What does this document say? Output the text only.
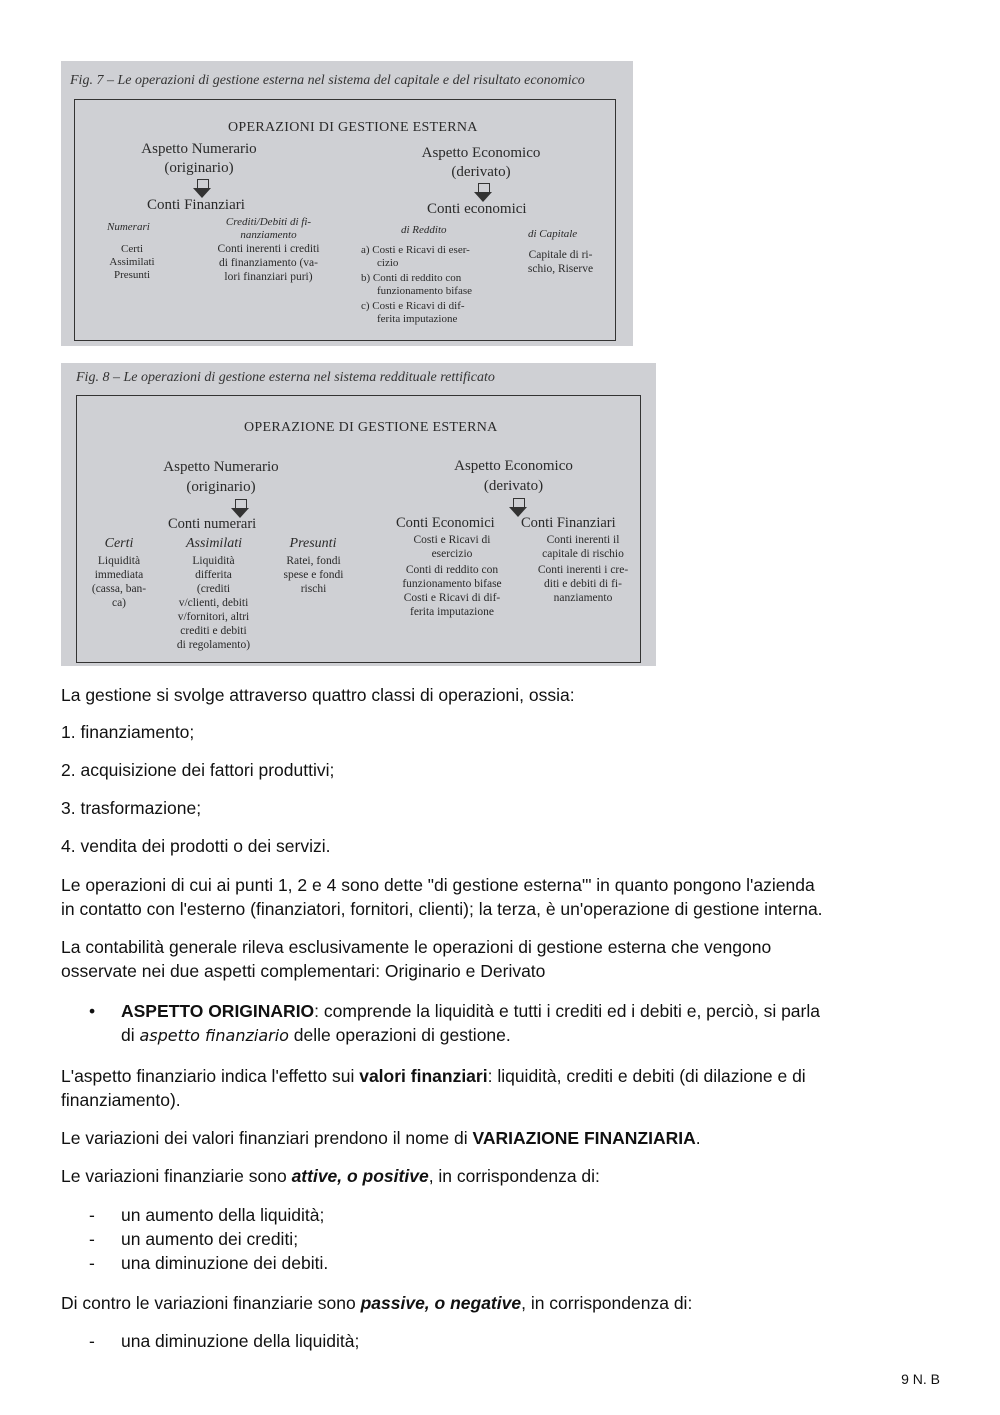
Fig. 7 – Le operazioni di gestione esterna nel sistema del capitale e del risultato economico
OPERAZIONI DI GESTIONE ESTERNA
Aspetto Numerario
(originario)
Aspetto Economico
(derivato)
Conti Finanziari	Conti economici
Numerari	Crediti/Debiti di fi-
nanziamento	di Reddito	di Capitale
Certi
Assimilati
Presunti
Conti inerenti i crediti
di finanziamento (va-
lori finanziari puri)
a) Costi e Ricavi di eser-
cizio
b) Conti di reddito con
funzionamento bifase
c) Costi e Ricavi di dif-
ferita imputazione
Capitale di ri-
schio, Riserve
Fig. 8 – Le operazioni di gestione esterna nel sistema reddituale rettificato
OPERAZIONE DI GESTIONE ESTERNA
Aspetto Numerario
(originario)
Aspetto Economico
(derivato)
Conti numerari	Conti Economici Conti Finanziari
Certi	Assimilati	Presunti
Liquidità
immediata
(cassa, ban-
ca)
Liquidità
differita
(crediti
v/clienti, debiti
v/fornitori, altri
crediti e debiti
di regolamento)
Ratei, fondi
spese e fondi
rischi
Costi e Ricavi di
esercizio
Conti di reddito con
funzionamento bifase
Costi e Ricavi di dif-
ferita imputazione
Conti inerenti il
capitale di rischio
Conti inerenti i cre-
diti e debiti di fi-
nanziamento
La gestione si svolge attraverso quattro classi di operazioni, ossia:
1. finanziamento;
2. acquisizione dei fattori produttivi;
3. trasformazione;
4. vendita dei prodotti o dei servizi.
Le operazioni di cui ai punti 1, 2 e 4 sono dette "di gestione esterna'" in quanto pongono l'azienda
in contatto con l'esterno (finanziatori, fornitori, clienti); la terza, è un'operazione di gestione interna.
La contabilità generale rileva esclusivamente le operazioni di gestione esterna che vengono
osservate nei due aspetti complementari: Originario e Derivato
• ASPETTO ORIGINARIO: comprende la liquidità e tutti i crediti ed i debiti e, perciò, si parla
di aspetto finanziario delle operazioni di gestione.
L'aspetto finanziario indica l'effetto sui valori finanziari: liquidità, crediti e debiti (di dilazione e di
finanziamento).
Le variazioni dei valori finanziari prendono il nome di VARIAZIONE FINANZIARIA.
Le variazioni finanziarie sono attive, o positive, in corrispondenza di:
- un aumento della liquidità;
- un aumento dei crediti;
- una diminuzione dei debiti.
Di contro le variazioni finanziarie sono passive, o negative, in corrispondenza di:
- una diminuzione della liquidità;
9 N. B
